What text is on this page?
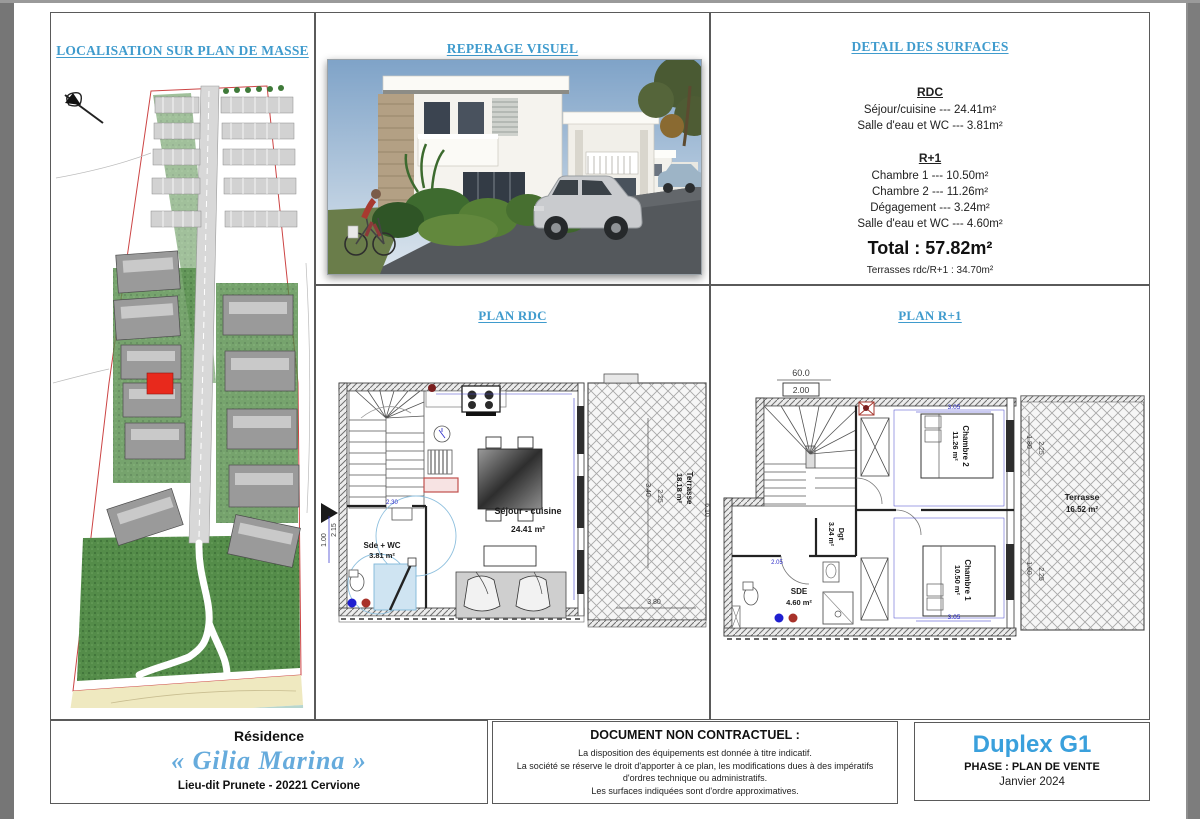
LOCALISATION SUR PLAN DE MASSE	REPERAGE VISUEL	DETAIL DES SURFACES
RDC
Séjour/cuisine --- 24.41m²
Salle d'eau et WC --- 3.81m²
R+1
Chambre 1 --- 10.50m²
Chambre 2 --- 11.26m²
Dégagement --- 3.24m²
Salle d'eau et WC --- 4.60m²
Total : 57.82m²
Terrasses rdc/R+1 : 34.70m²
PLAN RDC
Terrasse
18.18 m²
6.10
3.80
Séjour - cuisine
24.41 m²
Sde + WC
3.81 m²
2.30
1.00
2.15
3.40 2.25
PLAN R+1
60.0
2.00
Chambre 2
11.26 m²
3.05
Chambre 1
10.50 m²
3.05
Dgt
3.24 m²
SDE
4.60 m²
2.05
Terrasse
16.52 m²
1.80 2.25
1.60 2.25
Résidence
« Gilia Marina »
Lieu-dit Prunete - 20221 Cervione
DOCUMENT NON CONTRACTUEL :
La disposition des équipements est donnée à titre indicatif.
La société se réserve le droit d'apporter à ce plan, les modifications dues à des impératifs
d'ordres technique ou administratifs.
Les surfaces indiquées sont d'ordre approximatives.
Duplex G1
PHASE : PLAN DE VENTE
Janvier 2024
